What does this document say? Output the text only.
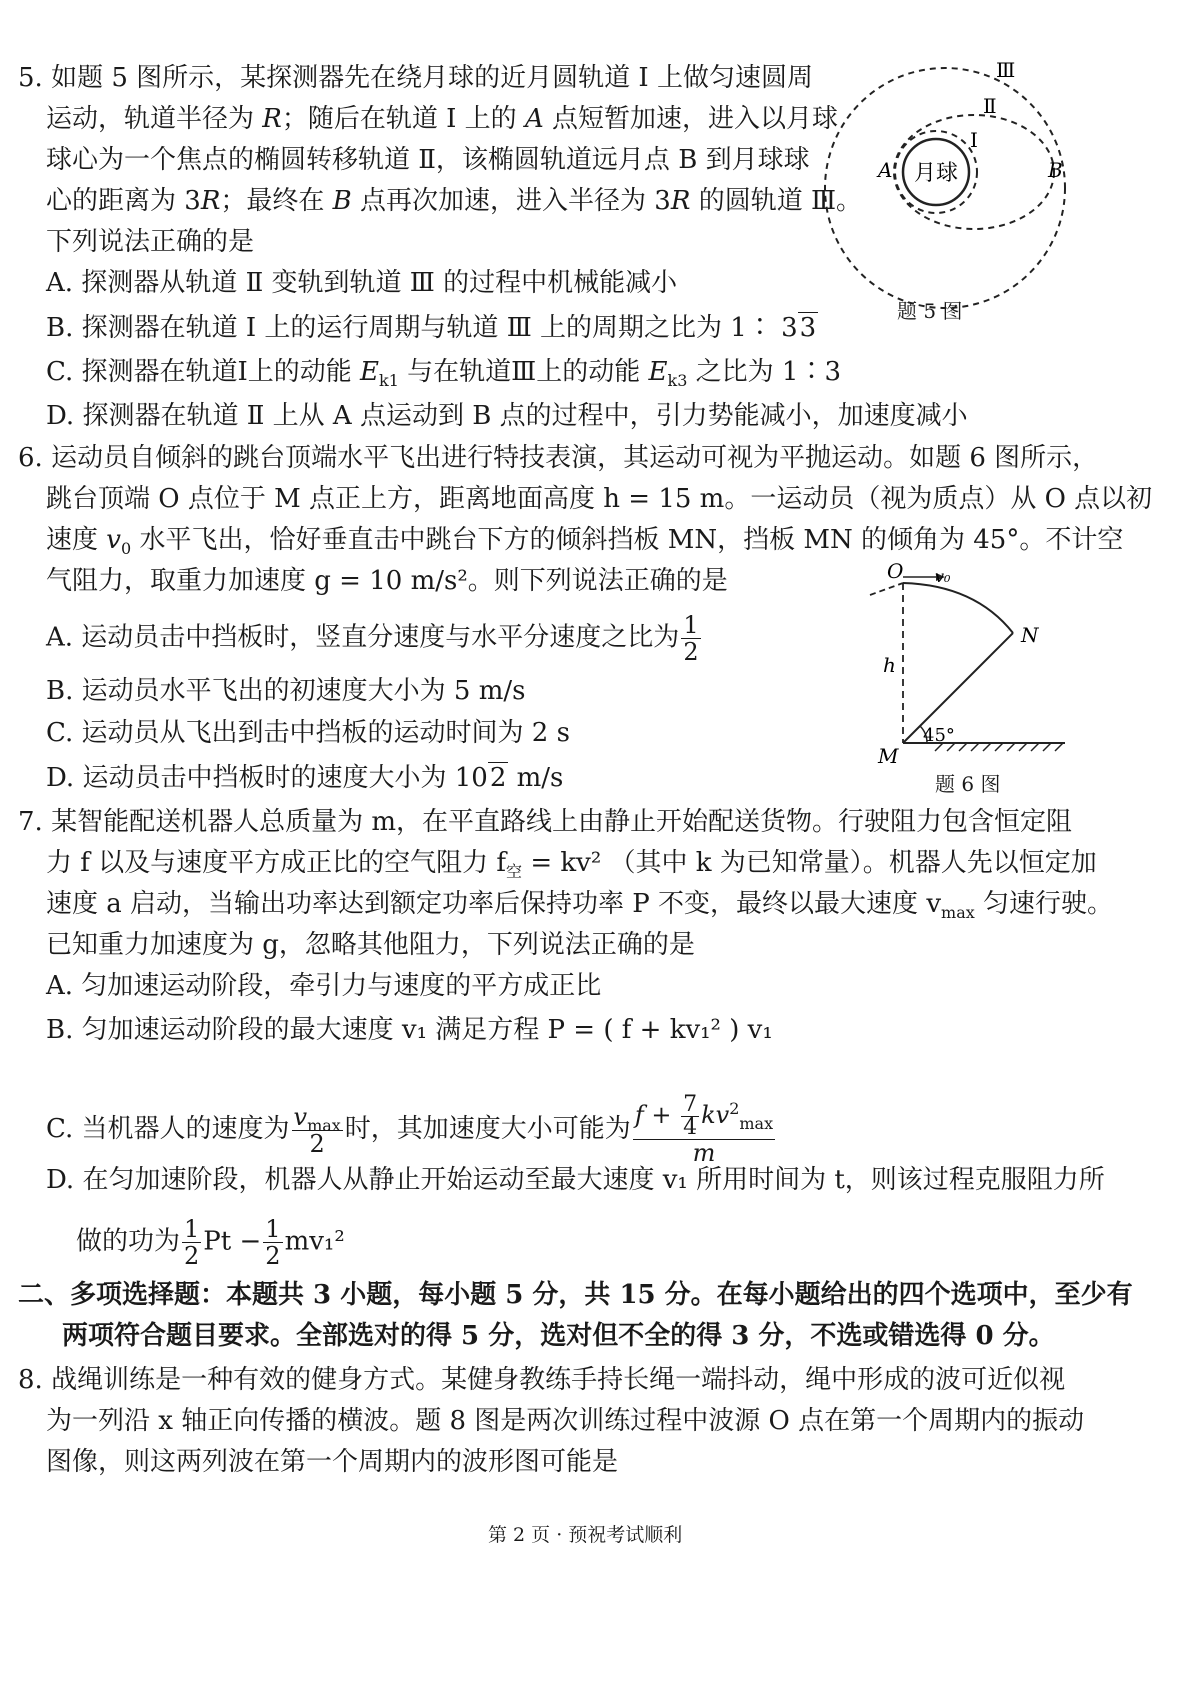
5. 如题 5 图所示，某探测器先在绕月球的近月圆轨道 Ⅰ 上做匀速圆周
运动，轨道半径为 R；随后在轨道 Ⅰ 上的 A 点短暂加速，进入以月球
球心为一个焦点的椭圆转移轨道 Ⅱ，该椭圆轨道远月点 B 到月球球
心的距离为 3R；最终在 B 点再次加速，进入半径为 3R 的圆轨道 Ⅲ。
下列说法正确的是
A. 探测器从轨道 Ⅱ 变轨到轨道 Ⅲ 的过程中机械能减小
B. 探测器在轨道 Ⅰ 上的运行周期与轨道 Ⅲ 上的周期之比为 1∶ 33
C. 探测器在轨道Ⅰ上的动能 $E_{k1}$ 与在轨道Ⅲ上的动能 $E_{k3}$ 之比为 1∶3
D. 探测器在轨道 Ⅱ 上从 A 点运动到 B 点的过程中，引力势能减小，加速度减小
月球
Ⅰ
Ⅱ
Ⅲ
A	B
题 5 图
6. 运动员自倾斜的跳台顶端水平飞出进行特技表演，其运动可视为平抛运动。如题 6 图所示，
跳台顶端 O 点位于 M 点正上方，距离地面高度 h = 15 m。一运动员（视为质点）从 O 点以初
速度 $v_0$ 水平飞出，恰好垂直击中跳台下方的倾斜挡板 MN，挡板 MN 的倾角为 45°。不计空
气阻力，取重力加速度 g = 10 m/s²。则下列说法正确的是
A. 运动员击中挡板时，竖直分速度与水平分速度之比为 $\frac{1}{2}$
B. 运动员水平飞出的初速度大小为 5 m/s
C. 运动员从飞出到击中挡板的运动时间为 2 s
D. 运动员击中挡板时的速度大小为 102 m/s
O v₀
N
h
M
45°
题 6 图
7. 某智能配送机器人总质量为 m，在平直路线上由静止开始配送货物。行驶阻力包含恒定阻
力 f 以及与速度平方成正比的空气阻力 $f_空 = kv^2$ （其中 k 为已知常量）。机器人先以恒定加
速度 a 启动，当输出功率达到额定功率后保持功率 P 不变，最终以最大速度 $v_{max}$ 匀速行驶。
已知重力加速度为 g，忽略其他阻力，下列说法正确的是
A. 匀加速运动阶段，牵引力与速度的平方成正比
B. 匀加速运动阶段的最大速度 v₁ 满足方程 P = ( f + kv₁² ) v₁
C. 当机器人的速度为 $\frac{v_{max}}{2}$ 时，其加速度大小可能为 $\frac{f + \frac{7}{4} kv^2_{max}}{m}$
D. 在匀加速阶段，机器人从静止开始运动至最大速度 v₁ 所用时间为 t，则该过程克服阻力所
做的功为 $\frac{1}{2}$ $Pt - \frac{1}{2} mv_1^2$
二、多项选择题：本题共 3 小题，每小题 5 分，共 15 分。在每小题给出的四个选项中，至少有
两项符合题目要求。全部选对的得 5 分，选对但不全的得 3 分，不选或错选得 0 分。
8. 战绳训练是一种有效的健身方式。某健身教练手持长绳一端抖动，绳中形成的波可近似视
为一列沿 x 轴正向传播的横波。题 8 图是两次训练过程中波源 O 点在第一个周期内的振动
图像，则这两列波在第一个周期内的波形图可能是
第 2 页 · 预祝考试顺利
